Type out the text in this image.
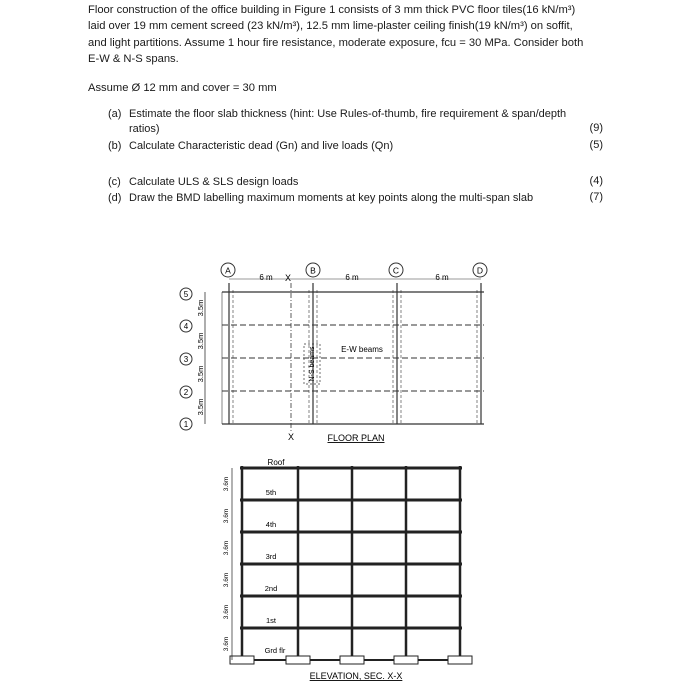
Floor construction of the office building in Figure 1 consists of 3 mm thick PVC floor tiles(16 kN/m³)

laid over 19 mm cement screed (23 kN/m³), 12.5 mm lime-plaster ceiling finish(19 kN/m³) on soffit,

and light partitions. Assume 1 hour fire resistance, moderate exposure, fcu = 30 MPa. Consider both

E-W & N-S spans.

Assume Ø 12 mm and cover = 30 mm
(a) Estimate the floor slab thickness (hint: Use Rules-of-thumb, fire requirement & span/depth
ratios)	(9)
(b) Calculate Characteristic dead (Gn) and live loads (Qn)	(5)
(c) Calculate ULS & SLS design loads	(4)
(d) Draw the BMD labelling maximum moments at key points along the multi-span slab	(7)
A	B	C	D
6 m X	6 m	6 m
5
4
3
2
1
3.5m
3.5m
3.5m
3.5m
E-W beams
N-S beams
X	FLOOR PLAN
Roof
5th
4th
3rd
2nd
1st
Grd flr
3.6m
3.6m
3.6m
3.6m
3.6m
3.6m
ELEVATION, SEC. X-X
